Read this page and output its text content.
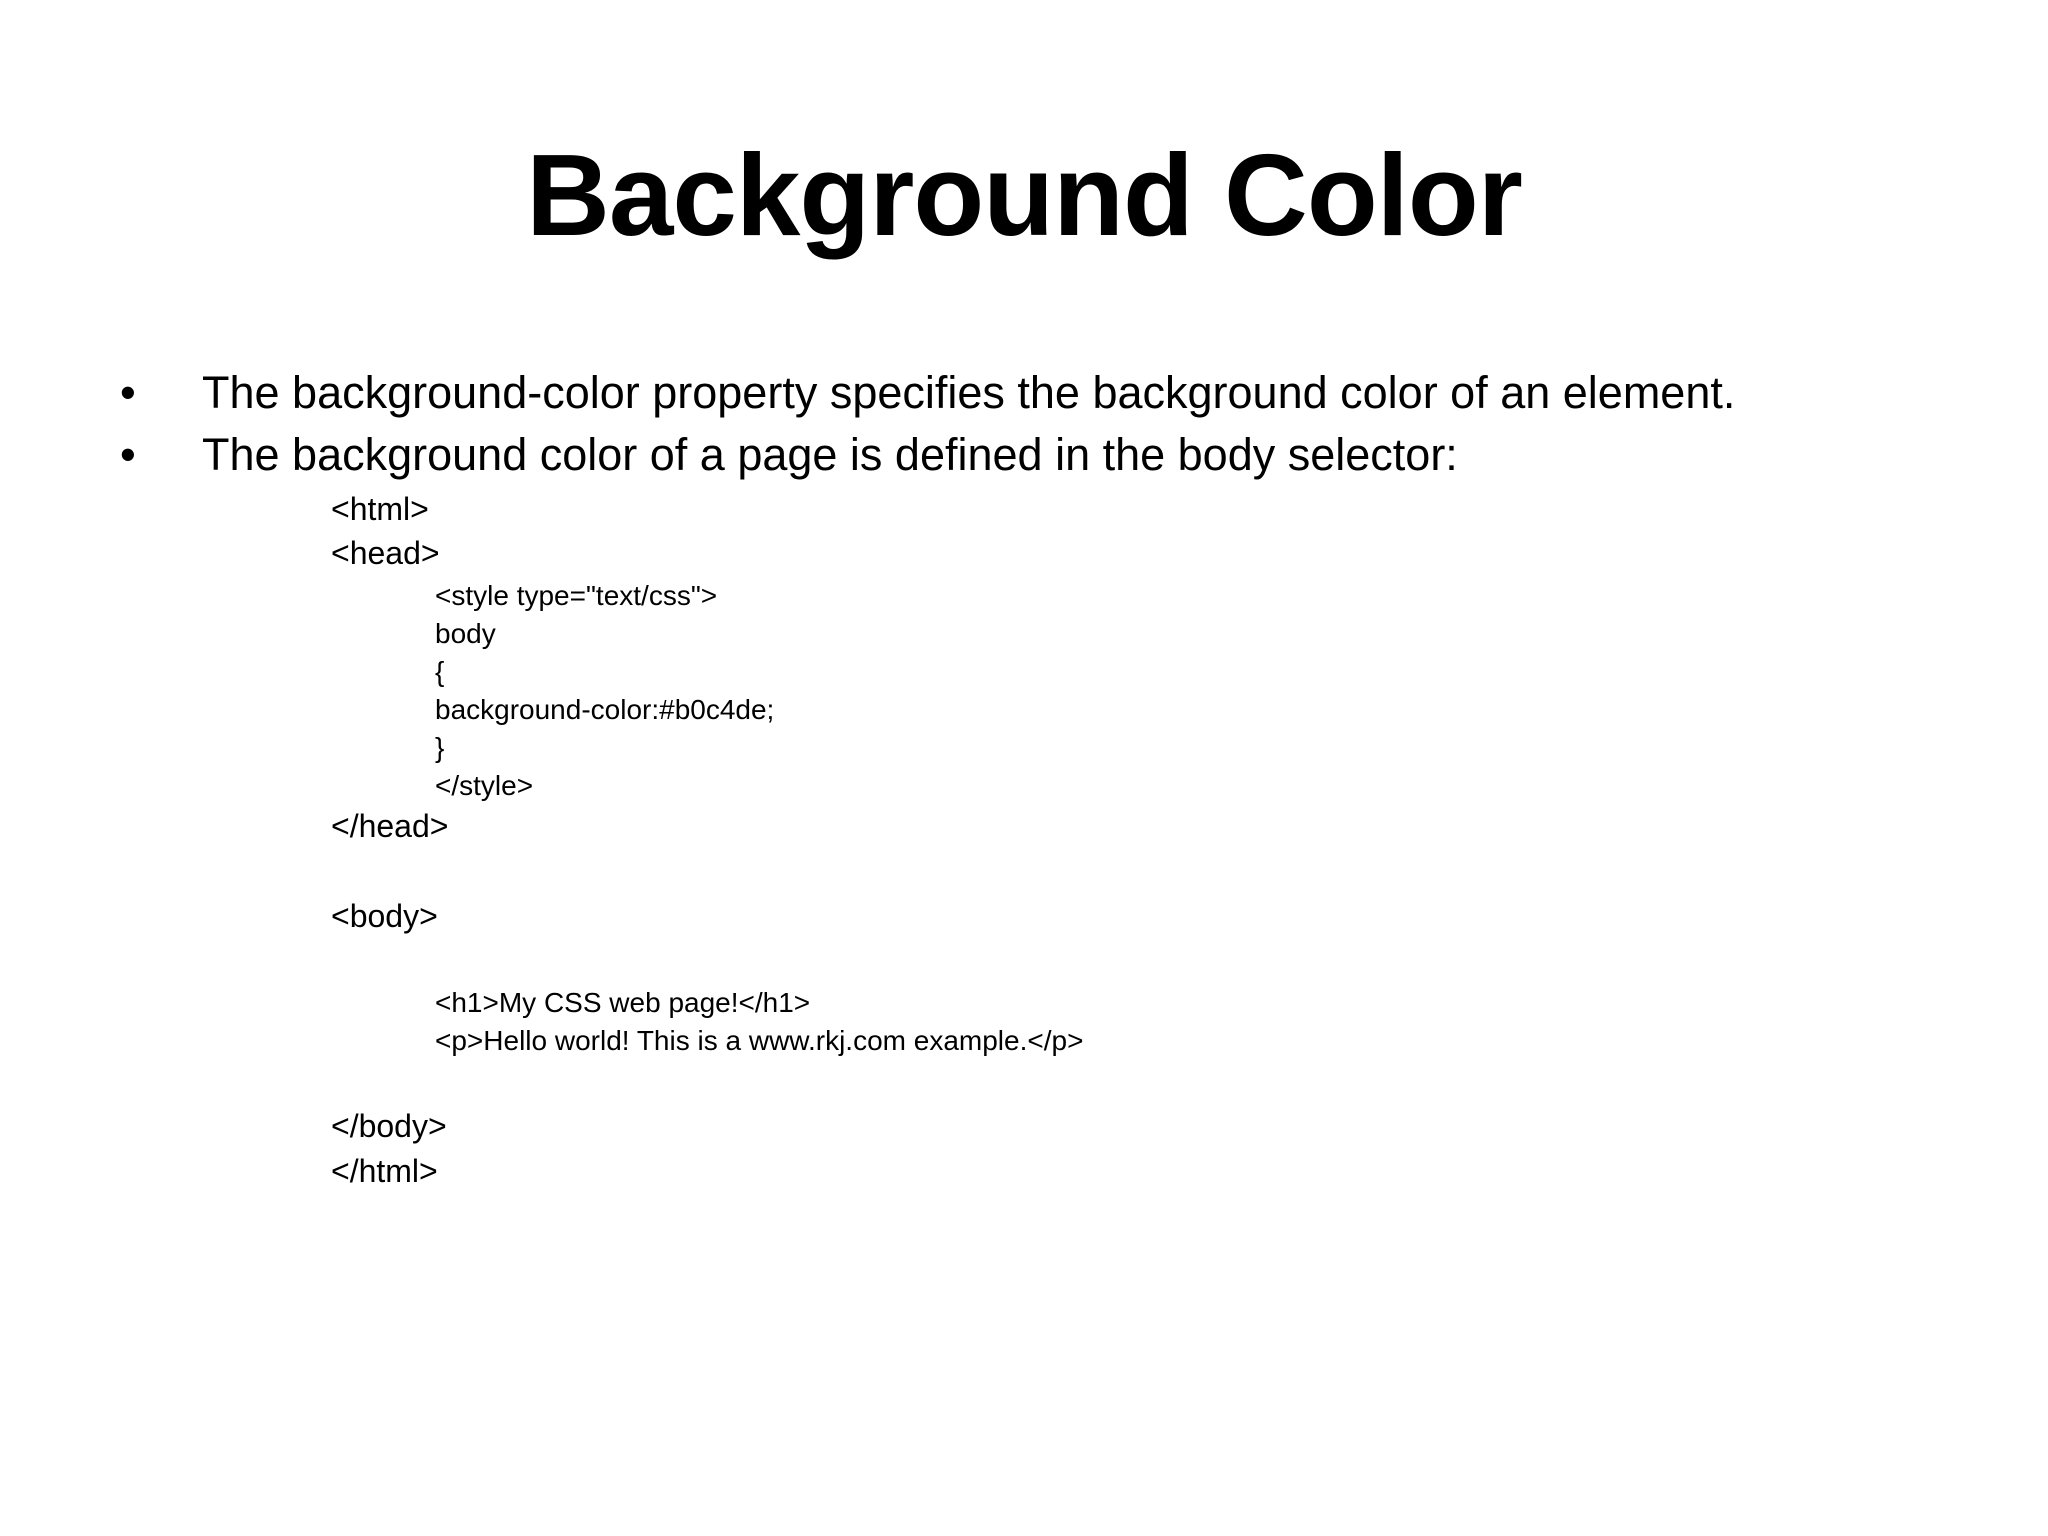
Background Color
•	The background-color property specifies the background color of an element.
•	The background color of a page is defined in the body selector:
<html>
<head>
<style type="text/css">
body
{
background-color:#b0c4de;
}
</style>
</head>
<body>
<h1>My CSS web page!</h1>
<p>Hello world! This is a www.rkj.com example.</p>
</body>
</html>
